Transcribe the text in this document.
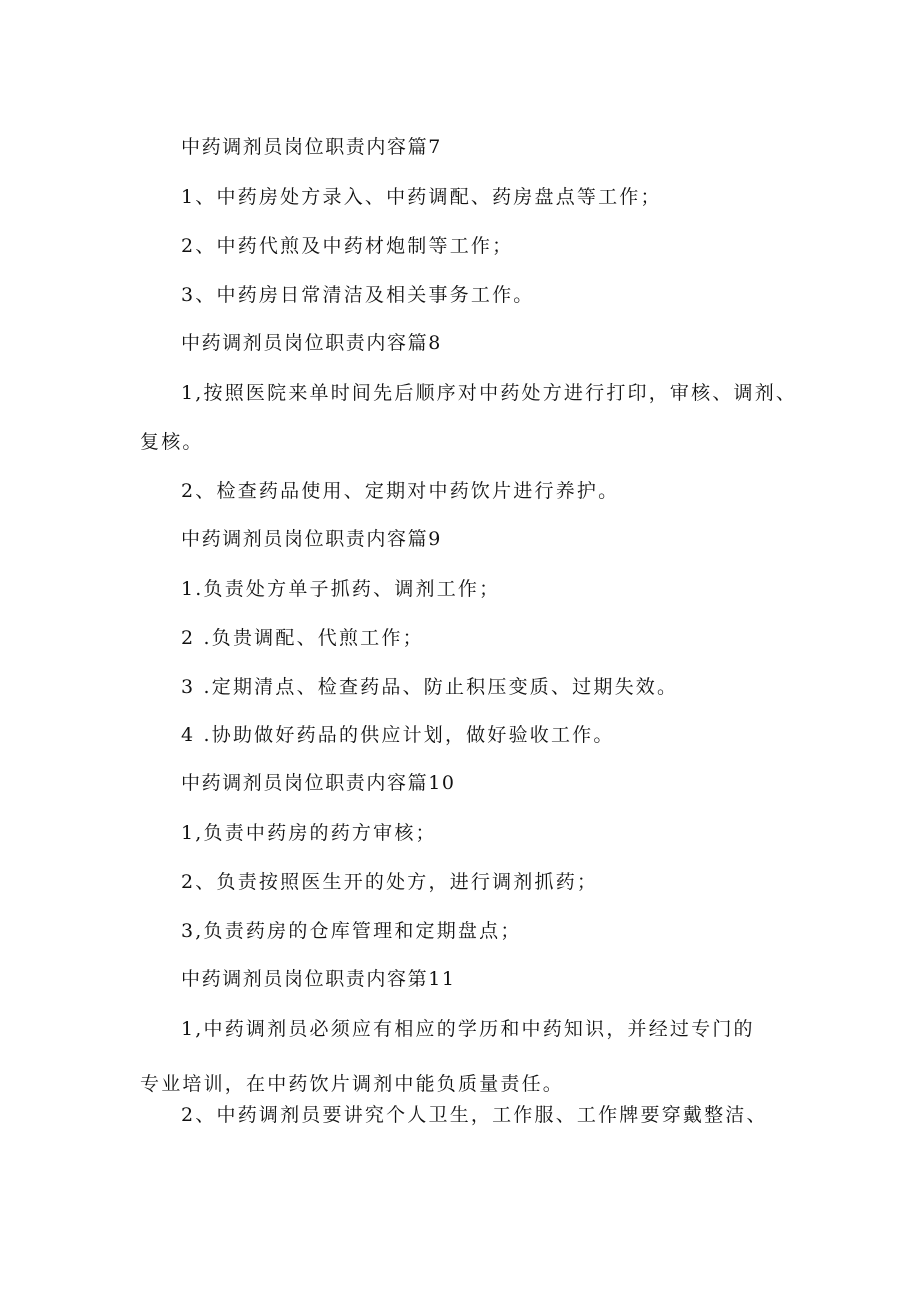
中药调剂员岗位职责内容篇7

1、中药房处方录入、中药调配、药房盘点等工作；

2、中药代煎及中药材炮制等工作；

3、中药房日常清洁及相关事务工作。

中药调剂员岗位职责内容篇8

1,按照医院来单时间先后顺序对中药处方进行打印，审核、调剂、

复核。

2、检查药品使用、定期对中药饮片进行养护。

中药调剂员岗位职责内容篇9

1.负责处方单子抓药、调剂工作；

2 .负贵调配、代煎工作；

3 .定期清点、检查药品、防止积压变质、过期失效。

4 .协助做好药品的供应计划，做好验收工作。

中药调剂员岗位职责内容篇10

1,负责中药房的药方审核；

2、负责按照医生开的处方，进行调剂抓药；

3,负责药房的仓库管理和定期盘点；

中药调剂员岗位职责内容第11

1,中药调剂员必须应有相应的学历和中药知识，并经过专门的

专业培训，在中药饮片调剂中能负质量责任。

2、中药调剂员要讲究个人卫生，工作服、工作牌要穿戴整洁、
